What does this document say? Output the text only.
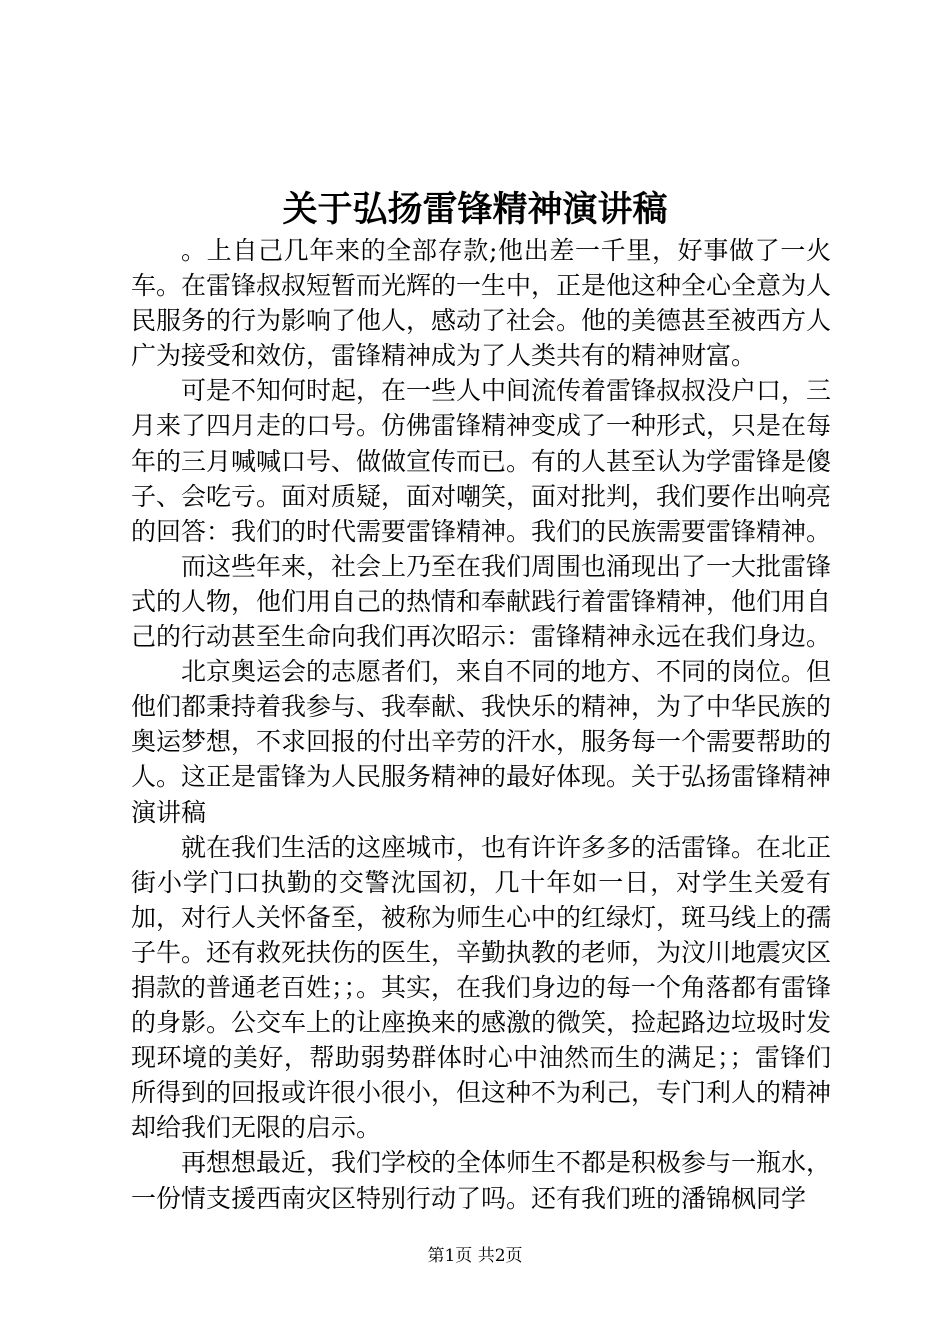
关于弘扬雷锋精神演讲稿

。上自己几年来的全部存款;他出差一千里，好事做了一火车。在雷锋叔叔短暂而光辉的一生中，正是他这种全心全意为人民服务的行为影响了他人，感动了社会。他的美德甚至被西方人广为接受和效仿，雷锋精神成为了人类共有的精神财富。

可是不知何时起，在一些人中间流传着雷锋叔叔没户口，三月来了四月走的口号。仿佛雷锋精神变成了一种形式，只是在每年的三月喊喊口号、做做宣传而已。有的人甚至认为学雷锋是傻子、会吃亏。面对质疑，面对嘲笑，面对批判，我们要作出响亮的回答：我们的时代需要雷锋精神。我们的民族需要雷锋精神。

而这些年来，社会上乃至在我们周围也涌现出了一大批雷锋式的人物，他们用自己的热情和奉献践行着雷锋精神，他们用自己的行动甚至生命向我们再次昭示：雷锋精神永远在我们身边。

北京奥运会的志愿者们，来自不同的地方、不同的岗位。但他们都秉持着我参与、我奉献、我快乐的精神，为了中华民族的奥运梦想，不求回报的付出辛劳的汗水，服务每一个需要帮助的人。这正是雷锋为人民服务精神的最好体现。关于弘扬雷锋精神演讲稿

就在我们生活的这座城市，也有许许多多的活雷锋。在北正街小学门口执勤的交警沈国初，几十年如一日，对学生关爱有加，对行人关怀备至，被称为师生心中的红绿灯，斑马线上的孺子牛。还有救死扶伤的医生，辛勤执教的老师，为汶川地震灾区捐款的普通老百姓；；。其实，在我们身边的每一个角落都有雷锋的身影。公交车上的让座换来的感激的微笑，捡起路边垃圾时发现环境的美好，帮助弱势群体时心中油然而生的满足；；雷锋们所得到的回报或许很小很小，但这种不为利己，专门利人的精神却给我们无限的启示。

再想想最近，我们学校的全体师生不都是积极参与一瓶水，一份情支援西南灾区特别行动了吗。还有我们班的潘锦枫同学

第1页 共2页
